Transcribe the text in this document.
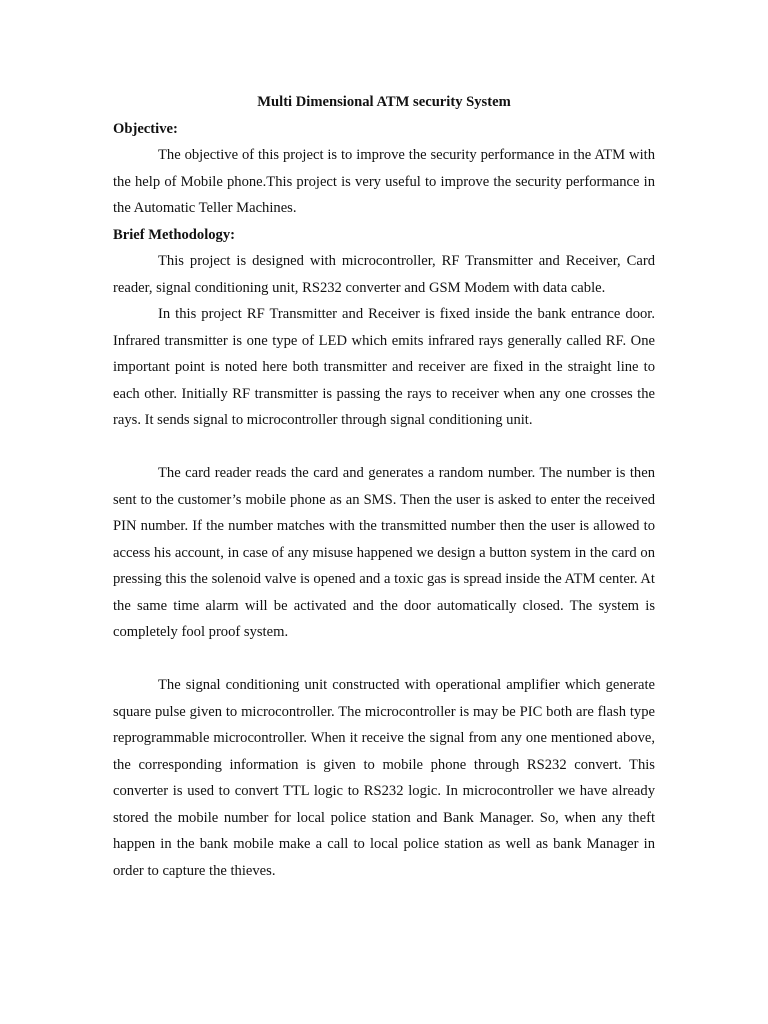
Multi Dimensional ATM security System

Objective:

The objective of this project is to improve the security performance in the ATM with the help of Mobile phone.This project is very useful to improve the security performance in the Automatic Teller Machines.

Brief Methodology:

This project is designed with microcontroller, RF Transmitter and Receiver, Card reader, signal conditioning unit, RS232 converter and GSM Modem with data cable.

In this project RF Transmitter and Receiver is fixed inside the bank entrance door. Infrared transmitter is one type of LED which emits infrared rays generally called RF. One important point is noted here both transmitter and receiver are fixed in the straight line to each other. Initially RF transmitter is passing the rays to receiver when any one crosses the rays. It sends signal to microcontroller through signal conditioning unit.

The card reader reads the card and generates a random number. The number is then sent to the customer’s mobile phone as an SMS. Then the user is asked to enter the received PIN number. If the number matches with the transmitted number then the user is allowed to access his account, in case of any misuse happened we design a button system in the card on pressing this the solenoid valve is opened and a toxic gas is spread inside the ATM center. At the same time alarm will be activated and the door automatically closed. The system is completely fool proof system.

The signal conditioning unit constructed with operational amplifier which generate square pulse given to microcontroller. The microcontroller is may be PIC both are flash type reprogrammable microcontroller. When it receive the signal from any one mentioned above, the corresponding information is given to mobile phone through RS232 convert. This converter is used to convert TTL logic to RS232 logic. In microcontroller we have already stored the mobile number for local police station and Bank Manager. So, when any theft happen in the bank mobile make a call to local police station as well as bank Manager in order to capture the thieves.
